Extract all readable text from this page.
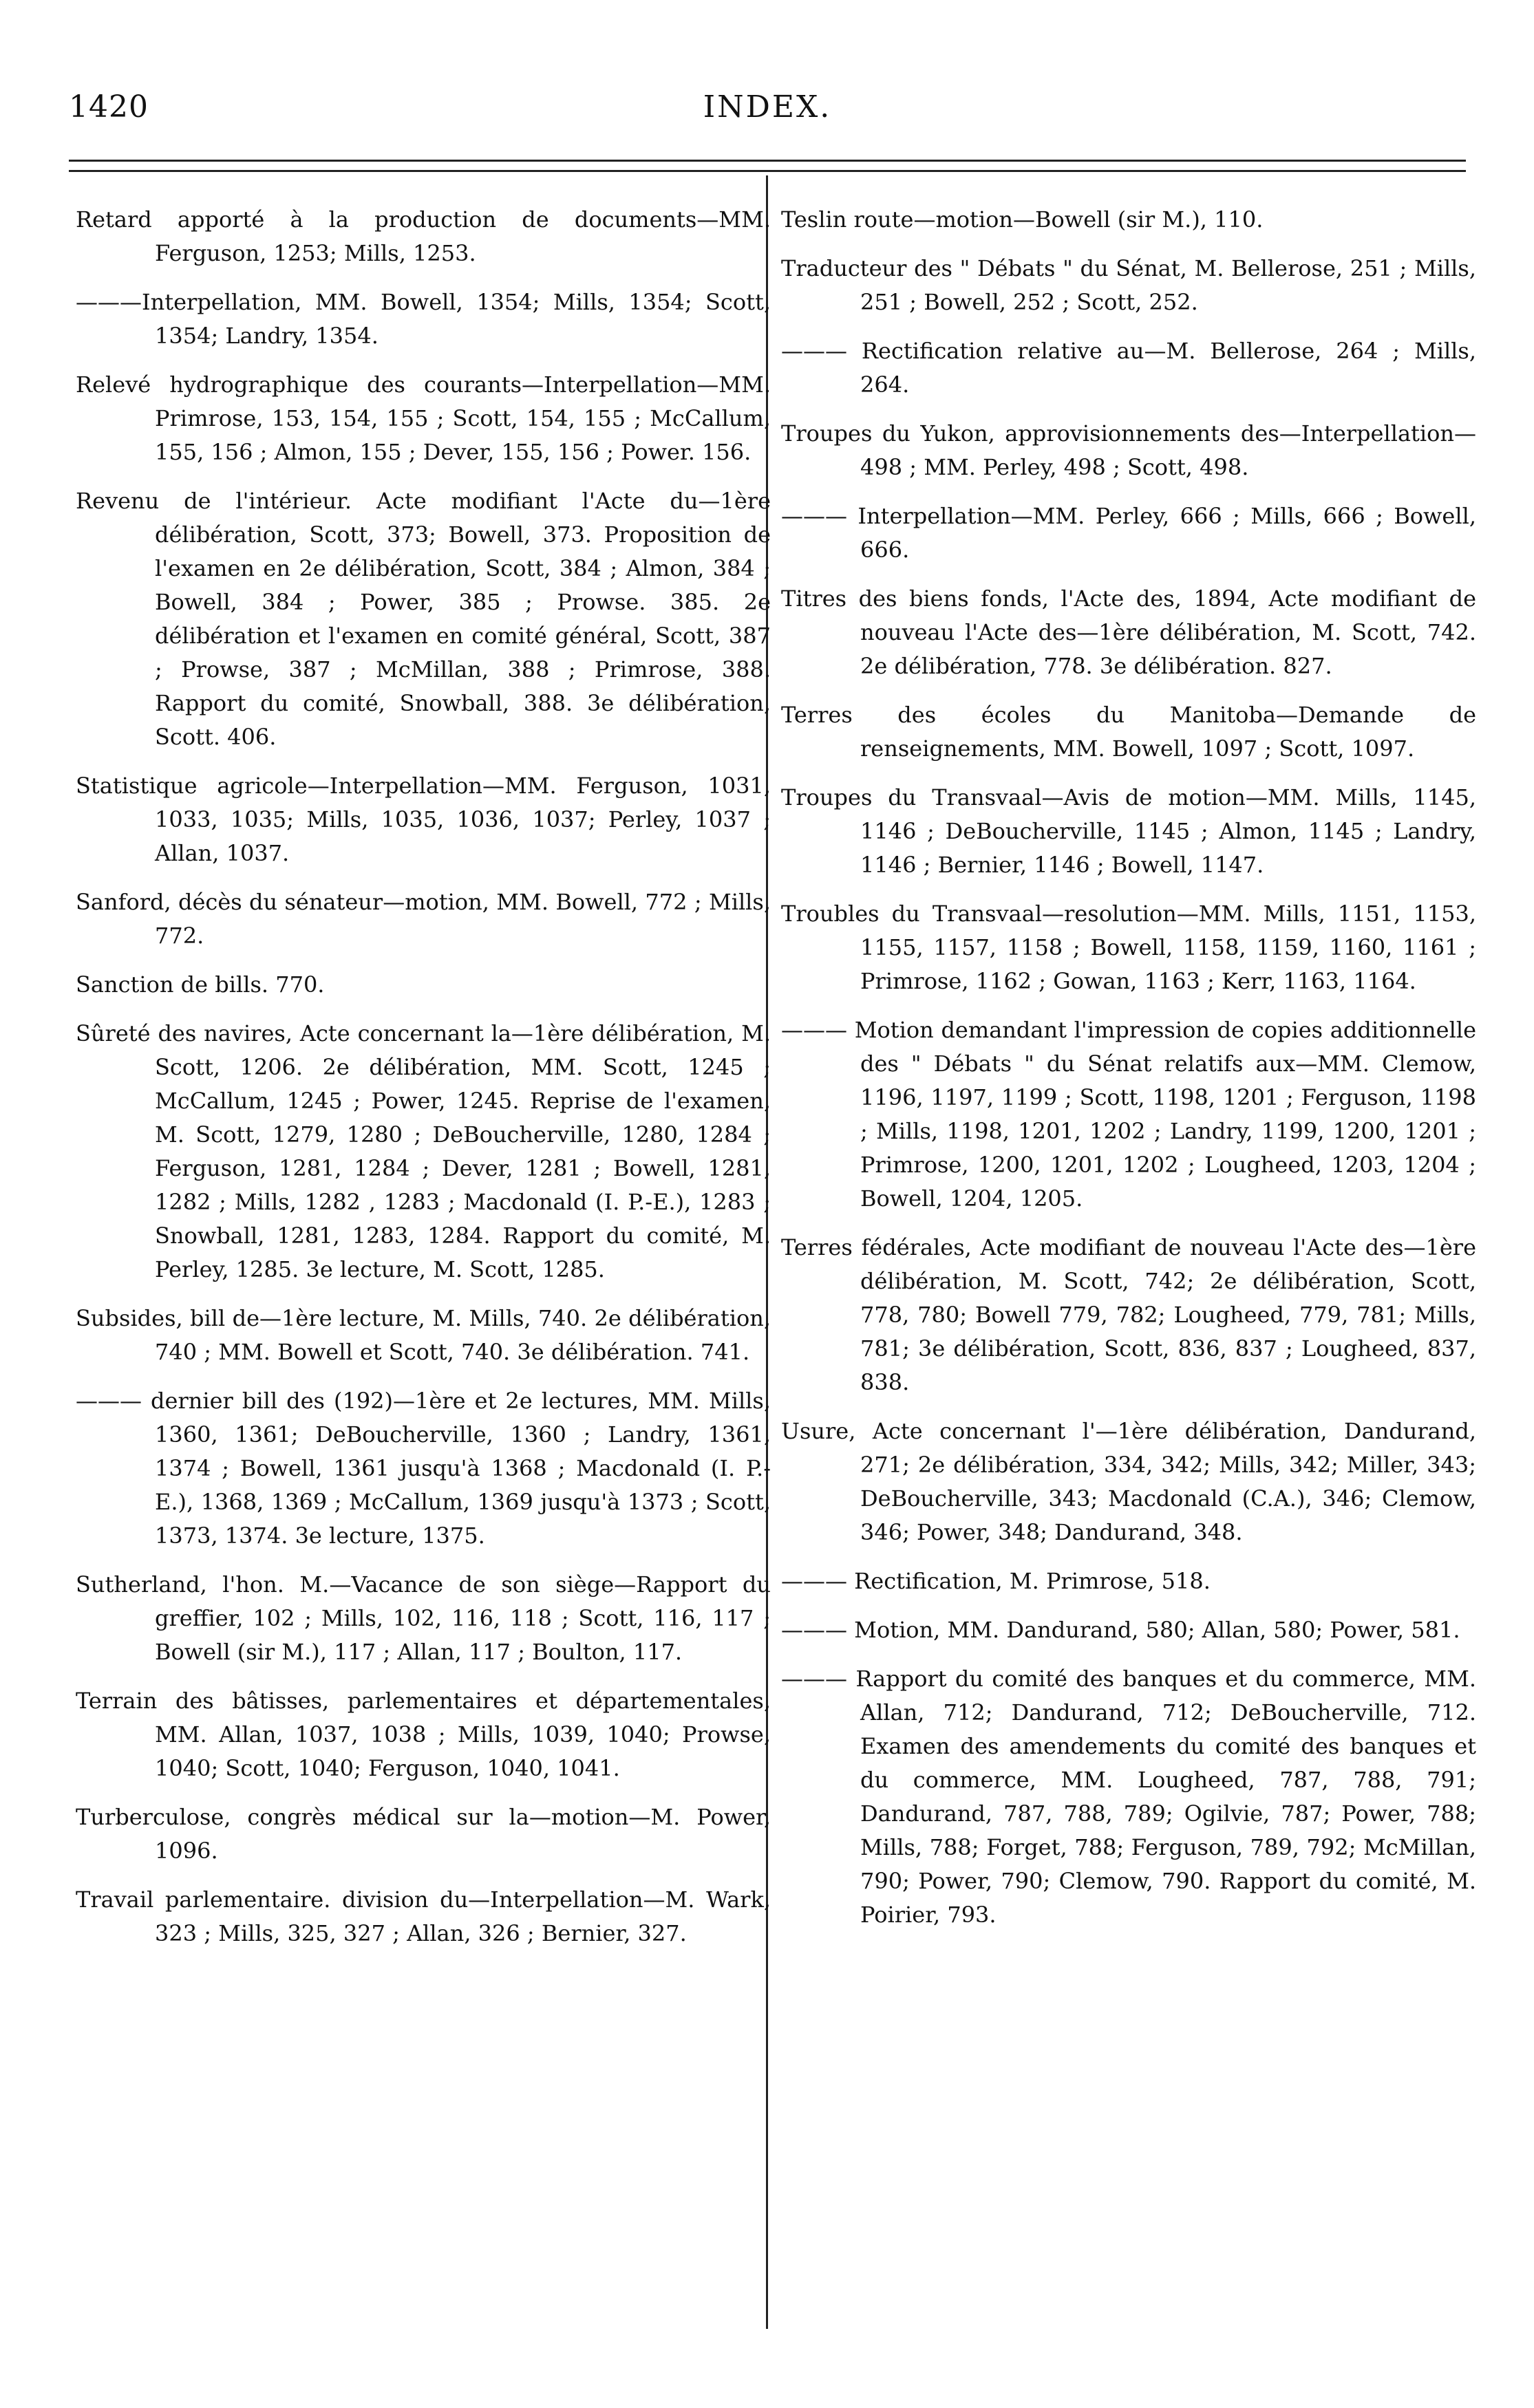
1420	INDEX.

Retard apporté à la production de documents—MM. Ferguson, 1253; Mills, 1253.

———Interpellation, MM. Bowell, 1354; Mills, 1354; Scott, 1354; Landry, 1354.

Relevé hydrographique des courants—Interpellation—MM. Primrose, 153, 154, 155 ; Scott, 154, 155 ; McCallum, 155, 156 ; Almon, 155 ; Dever, 155, 156 ; Power. 156.

Revenu de l'intérieur. Acte modifiant l'Acte du—1ère délibération, Scott, 373; Bowell, 373. Proposition de l'examen en 2e délibération, Scott, 384 ; Almon, 384 ; Bowell, 384 ; Power, 385 ; Prowse. 385. 2e délibération et l'examen en comité général, Scott, 387 ; Prowse, 387 ; McMillan, 388 ; Primrose, 388. Rapport du comité, Snowball, 388. 3e délibération, Scott. 406.

Statistique agricole—Interpellation—MM. Ferguson, 1031, 1033, 1035; Mills, 1035, 1036, 1037; Perley, 1037 ; Allan, 1037.

Sanford, décès du sénateur—motion, MM. Bowell, 772 ; Mills, 772.

Sanction de bills. 770.

Sûreté des navires, Acte concernant la—1ère délibération, M. Scott, 1206. 2e délibération, MM. Scott, 1245 ; McCallum, 1245 ; Power, 1245. Reprise de l'examen, M. Scott, 1279, 1280 ; DeBoucherville, 1280, 1284 ; Ferguson, 1281, 1284 ; Dever, 1281 ; Bowell, 1281, 1282 ; Mills, 1282 , 1283 ; Macdonald (I. P.-E.), 1283 ; Snowball, 1281, 1283, 1284. Rapport du comité, M. Perley, 1285. 3e lecture, M. Scott, 1285.

Subsides, bill de—1ère lecture, M. Mills, 740. 2e délibération, 740 ; MM. Bowell et Scott, 740. 3e délibération. 741.

——— dernier bill des (192)—1ère et 2e lectures, MM. Mills, 1360, 1361; DeBoucherville, 1360 ; Landry, 1361, 1374 ; Bowell, 1361 jusqu'à 1368 ; Macdonald (I. P.-E.), 1368, 1369 ; McCallum, 1369 jusqu'à 1373 ; Scott, 1373, 1374. 3e lecture, 1375.

Sutherland, l'hon. M.—Vacance de son siège—Rapport du greffier, 102 ; Mills, 102, 116, 118 ; Scott, 116, 117 ; Bowell (sir M.), 117 ; Allan, 117 ; Boulton, 117.

Terrain des bâtisses, parlementaires et départementales, MM. Allan, 1037, 1038 ; Mills, 1039, 1040; Prowse, 1040; Scott, 1040; Ferguson, 1040, 1041.

Turberculose, congrès médical sur la—motion—M. Power, 1096.

Travail parlementaire. division du—Interpellation—M. Wark, 323 ; Mills, 325, 327 ; Allan, 326 ; Bernier, 327.

Teslin route—motion—Bowell (sir M.), 110.

Traducteur des " Débats " du Sénat, M. Bellerose, 251 ; Mills, 251 ; Bowell, 252 ; Scott, 252.

——— Rectification relative au—M. Bellerose, 264 ; Mills, 264.

Troupes du Yukon, approvisionnements des—Interpellation—498 ; MM. Perley, 498 ; Scott, 498.

——— Interpellation—MM. Perley, 666 ; Mills, 666 ; Bowell, 666.

Titres des biens fonds, l'Acte des, 1894, Acte modifiant de nouveau l'Acte des—1ère délibération, M. Scott, 742. 2e délibération, 778. 3e délibération. 827.

Terres des écoles du Manitoba—Demande de renseignements, MM. Bowell, 1097 ; Scott, 1097.

Troupes du Transvaal—Avis de motion—MM. Mills, 1145, 1146 ; DeBoucherville, 1145 ; Almon, 1145 ; Landry, 1146 ; Bernier, 1146 ; Bowell, 1147.

Troubles du Transvaal—resolution—MM. Mills, 1151, 1153, 1155, 1157, 1158 ; Bowell, 1158, 1159, 1160, 1161 ; Primrose, 1162 ; Gowan, 1163 ; Kerr, 1163, 1164.

——— Motion demandant l'impression de copies additionnelle des " Débats " du Sénat relatifs aux—MM. Clemow, 1196, 1197, 1199 ; Scott, 1198, 1201 ; Ferguson, 1198 ; Mills, 1198, 1201, 1202 ; Landry, 1199, 1200, 1201 ; Primrose, 1200, 1201, 1202 ; Lougheed, 1203, 1204 ; Bowell, 1204, 1205.

Terres fédérales, Acte modifiant de nouveau l'Acte des—1ère délibération, M. Scott, 742; 2e délibération, Scott, 778, 780; Bowell 779, 782; Lougheed, 779, 781; Mills, 781; 3e délibération, Scott, 836, 837 ; Lougheed, 837, 838.

Usure, Acte concernant l'—1ère délibération, Dandurand, 271; 2e délibération, 334, 342; Mills, 342; Miller, 343; DeBoucherville, 343; Macdonald (C.A.), 346; Clemow, 346; Power, 348; Dandurand, 348.

——— Rectification, M. Primrose, 518.

——— Motion, MM. Dandurand, 580; Allan, 580; Power, 581.

——— Rapport du comité des banques et du commerce, MM. Allan, 712; Dandurand, 712; DeBoucherville, 712. Examen des amendements du comité des banques et du commerce, MM. Lougheed, 787, 788, 791; Dandurand, 787, 788, 789; Ogilvie, 787; Power, 788; Mills, 788; Forget, 788; Ferguson, 789, 792; McMillan, 790; Power, 790; Clemow, 790. Rapport du comité, M. Poirier, 793.
